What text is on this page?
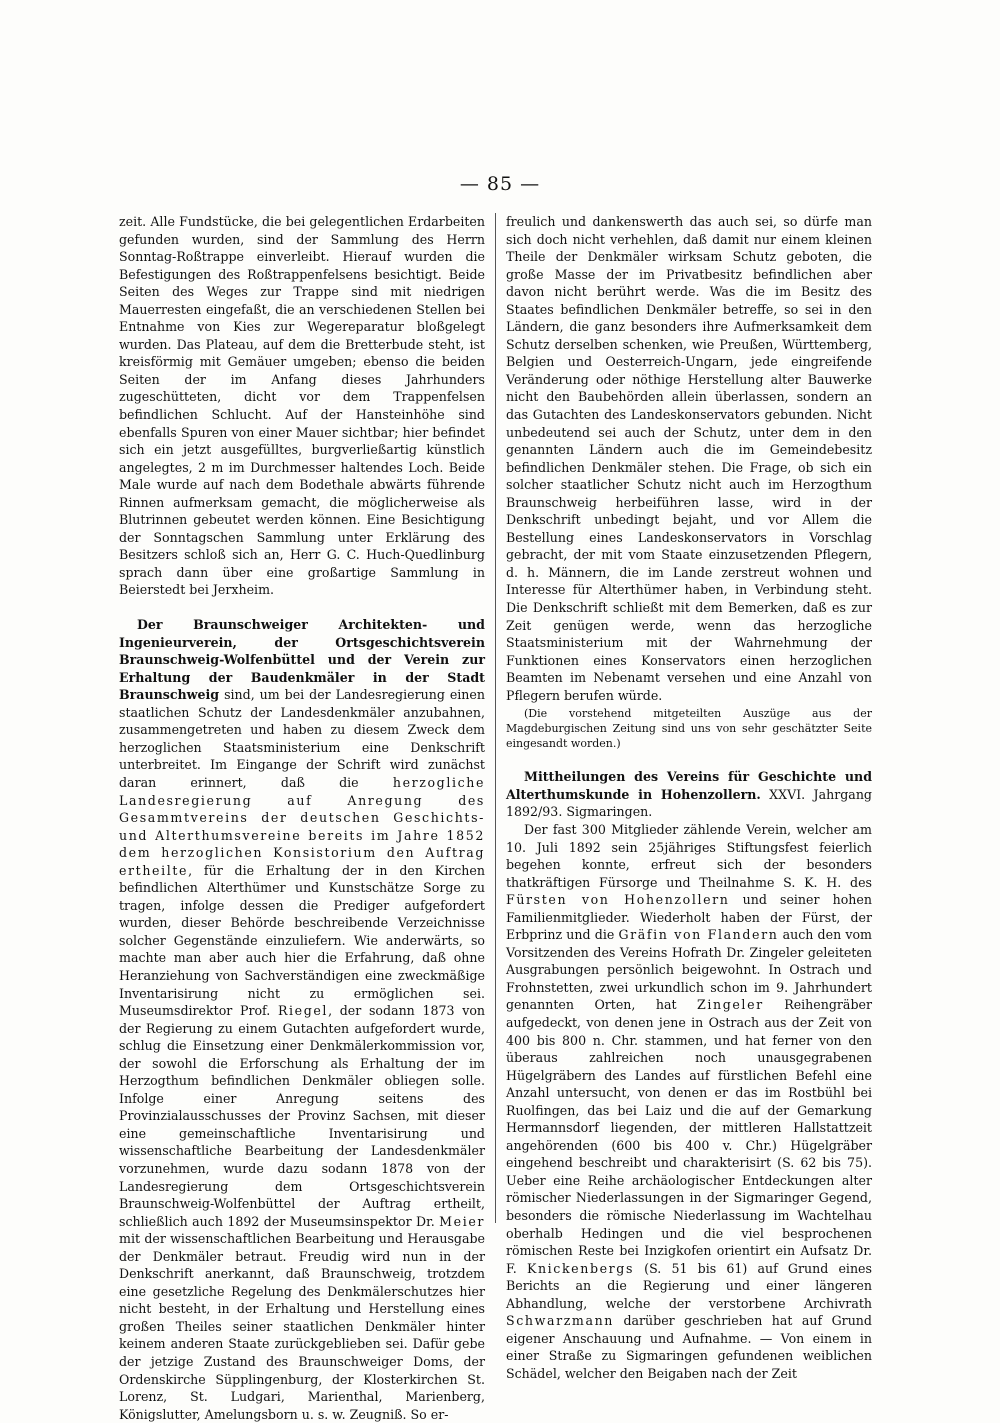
— 85 —

zeit. Alle Fundstücke, die bei gelegentlichen Erdarbeiten gefunden wurden, sind der Sammlung des Herrn Sonntag-Roßtrappe einverleibt. Hierauf wurden die Befestigungen des Roßtrappenfelsens besichtigt. Beide Seiten des Weges zur Trappe sind mit niedrigen Mauerresten eingefaßt, die an verschiedenen Stellen bei Entnahme von Kies zur Wegereparatur bloßgelegt wurden. Das Plateau, auf dem die Bretterbude steht, ist kreisförmig mit Gemäuer umgeben; ebenso die beiden Seiten der im Anfang dieses Jahrhunders zugeschütteten, dicht vor dem Trappenfelsen befindlichen Schlucht. Auf der Hansteinhöhe sind ebenfalls Spuren von einer Mauer sichtbar; hier befindet sich ein jetzt ausgefülltes, burgverließartig künstlich angelegtes, 2 m im Durchmesser haltendes Loch. Beide Male wurde auf nach dem Bodethale abwärts führende Rinnen aufmerksam gemacht, die möglicherweise als Blutrinnen gebeutet werden können. Eine Besichtigung der Sonntagschen Sammlung unter Erklärung des Besitzers schloß sich an, Herr G. C. Huch-Quedlinburg sprach dann über eine großartige Sammlung in Beierstedt bei Jerxheim.

Der Braunschweiger Architekten- und Ingenieurverein, der Ortsgeschichtsverein Braunschweig-Wolfenbüttel und der Verein zur Erhaltung der Baudenkmäler in der Stadt Braunschweig sind, um bei der Landesregierung einen staatlichen Schutz der Landesdenkmäler anzubahnen, zusammengetreten und haben zu diesem Zweck dem herzoglichen Staatsministerium eine Denkschrift unterbreitet. Im Eingange der Schrift wird zunächst daran erinnert, daß die herzogliche Landesregierung auf Anregung des Gesammtvereins der deutschen Geschichts- und Alterthumsvereine bereits im Jahre 1852 dem herzoglichen Konsistorium den Auftrag ertheilte, für die Erhaltung der in den Kirchen befindlichen Alterthümer und Kunstschätze Sorge zu tragen, infolge dessen die Prediger aufgefordert wurden, dieser Behörde beschreibende Verzeichnisse solcher Gegenstände einzuliefern. Wie anderwärts, so machte man aber auch hier die Erfahrung, daß ohne Heranziehung von Sachverständigen eine zweckmäßige Inventarisirung nicht zu ermöglichen sei. Museumsdirektor Prof. Riegel, der sodann 1873 von der Regierung zu einem Gutachten aufgefordert wurde, schlug die Einsetzung einer Denkmälerkommission vor, der sowohl die Erforschung als Erhaltung der im Herzogthum befindlichen Denkmäler obliegen solle. Infolge einer Anregung seitens des Provinzialausschusses der Provinz Sachsen, mit dieser eine gemeinschaftliche Inventarisirung und wissenschaftliche Bearbeitung der Landesdenkmäler vorzunehmen, wurde dazu sodann 1878 von der Landesregierung dem Ortsgeschichtsverein Braunschweig-Wolfenbüttel der Auftrag ertheilt, schließlich auch 1892 der Museumsinspektor Dr. Meier mit der wissenschaftlichen Bearbeitung und Herausgabe der Denkmäler betraut. Freudig wird nun in der Denkschrift anerkannt, daß Braunschweig, trotzdem eine gesetzliche Regelung des Denkmälerschutzes hier nicht besteht, in der Erhaltung und Herstellung eines großen Theiles seiner staatlichen Denkmäler hinter keinem anderen Staate zurückgeblieben sei. Dafür gebe der jetzige Zustand des Braunschweiger Doms, der Ordenskirche Süpplingenburg, der Klosterkirchen St. Lorenz, St. Ludgari, Marienthal, Marienberg, Königslutter, Amelungsborn u. s. w. Zeugniß. So er-

freulich und dankenswerth das auch sei, so dürfe man sich doch nicht verhehlen, daß damit nur einem kleinen Theile der Denkmäler wirksam Schutz geboten, die große Masse der im Privatbesitz befindlichen aber davon nicht berührt werde. Was die im Besitz des Staates befindlichen Denkmäler betreffe, so sei in den Ländern, die ganz besonders ihre Aufmerksamkeit dem Schutz derselben schenken, wie Preußen, Württemberg, Belgien und Oesterreich-Ungarn, jede eingreifende Veränderung oder nöthige Herstellung alter Bauwerke nicht den Baubehörden allein überlassen, sondern an das Gutachten des Landeskonservators gebunden. Nicht unbedeutend sei auch der Schutz, unter dem in den genannten Ländern auch die im Gemeindebesitz befindlichen Denkmäler stehen. Die Frage, ob sich ein solcher staatlicher Schutz nicht auch im Herzogthum Braunschweig herbeiführen lasse, wird in der Denkschrift unbedingt bejaht, und vor Allem die Bestellung eines Landeskonservators in Vorschlag gebracht, der mit vom Staate einzusetzenden Pflegern, d. h. Männern, die im Lande zerstreut wohnen und Interesse für Alterthümer haben, in Verbindung steht. Die Denkschrift schließt mit dem Bemerken, daß es zur Zeit genügen werde, wenn das herzogliche Staatsministerium mit der Wahrnehmung der Funktionen eines Konservators einen herzoglichen Beamten im Nebenamt versehen und eine Anzahl von Pflegern berufen würde.

(Die vorstehend mitgeteilten Auszüge aus der Magdeburgischen Zeitung sind uns von sehr geschätzter Seite eingesandt worden.)

Mittheilungen des Vereins für Geschichte und Alterthumskunde in Hohenzollern. XXVI. Jahrgang 1892/93. Sigmaringen.

Der fast 300 Mitglieder zählende Verein, welcher am 10. Juli 1892 sein 25jähriges Stiftungsfest feierlich begehen konnte, erfreut sich der besonders thatkräftigen Fürsorge und Theilnahme S. K. H. des Fürsten von Hohenzollern und seiner hohen Familienmitglieder. Wiederholt haben der Fürst, der Erbprinz und die Gräfin von Flandern auch den vom Vorsitzenden des Vereins Hofrath Dr. Zingeler geleiteten Ausgrabungen persönlich beigewohnt. In Ostrach und Frohnstetten, zwei urkundlich schon im 9. Jahrhundert genannten Orten, hat Zingeler Reihengräber aufgedeckt, von denen jene in Ostrach aus der Zeit von 400 bis 800 n. Chr. stammen, und hat ferner von den überaus zahlreichen noch unausgegrabenen Hügelgräbern des Landes auf fürstlichen Befehl eine Anzahl untersucht, von denen er das im Rostbühl bei Ruolfingen, das bei Laiz und die auf der Gemarkung Hermannsdorf liegenden, der mittleren Hallstattzeit angehörenden (600 bis 400 v. Chr.) Hügelgräber eingehend beschreibt und charakterisirt (S. 62 bis 75). Ueber eine Reihe archäologischer Entdeckungen alter römischer Niederlassungen in der Sigmaringer Gegend, besonders die römische Niederlassung im Wachtelhau oberhalb Hedingen und die viel besprochenen römischen Reste bei Inzigkofen orientirt ein Aufsatz Dr. F. Knickenbergs (S. 51 bis 61) auf Grund eines Berichts an die Regierung und einer längeren Abhandlung, welche der verstorbene Archivrath Schwarzmann darüber geschrieben hat auf Grund eigener Anschauung und Aufnahme. — Von einem in einer Straße zu Sigmaringen gefundenen weiblichen Schädel, welcher den Beigaben nach der Zeit
